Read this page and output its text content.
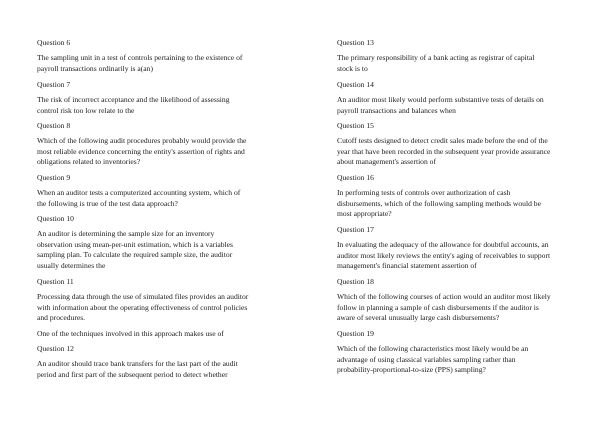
Question 6
The sampling unit in a test of controls pertaining to the existence of
payroll transactions ordinarily is a(an)
Question 7
The risk of incorrect acceptance and the likelihood of assessing
control risk too low relate to the
Question 8
Which of the following audit procedures probably would provide the
most reliable evidence concerning the entity's assertion of rights and
obligations related to inventories?
Question 9
When an auditor tests a computerized accounting system, which of
the following is true of the test data approach?
Question 10
An auditor is determining the sample size for an inventory
observation using mean-per-unit estimation, which is a variables
sampling plan. To calculate the required sample size, the auditor
usually determines the
Question 11
Processing data through the use of simulated files provides an auditor
with information about the operating effectiveness of control policies
and procedures.
One of the techniques involved in this approach makes use of
Question 12
An auditor should trace bank transfers for the last part of the audit
period and first part of the subsequent period to detect whether
Question 13
The primary responsibility of a bank acting as registrar of capital
stock is to
Question 14
An auditor most likely would perform substantive tests of details on
payroll transactions and balances when
Question 15
Cutoff tests designed to detect credit sales made before the end of the
year that have been recorded in the subsequent year provide assurance
about management's assertion of
Question 16
In performing tests of controls over authorization of cash
disbursements, which of the following sampling methods would be
most appropriate?
Question 17
In evaluating the adequacy of the allowance for doubtful accounts, an
auditor most likely reviews the entity's aging of receivables to support
management's financial statement assertion of
Question 18
Which of the following courses of action would an auditor most likely
follow in planning a sample of cash disbursements if the auditor is
aware of several unusually large cash disbursements?
Question 19
Which of the following characteristics most likely would be an
advantage of using classical variables sampling rather than
probability-proportional-to-size (PPS) sampling?
